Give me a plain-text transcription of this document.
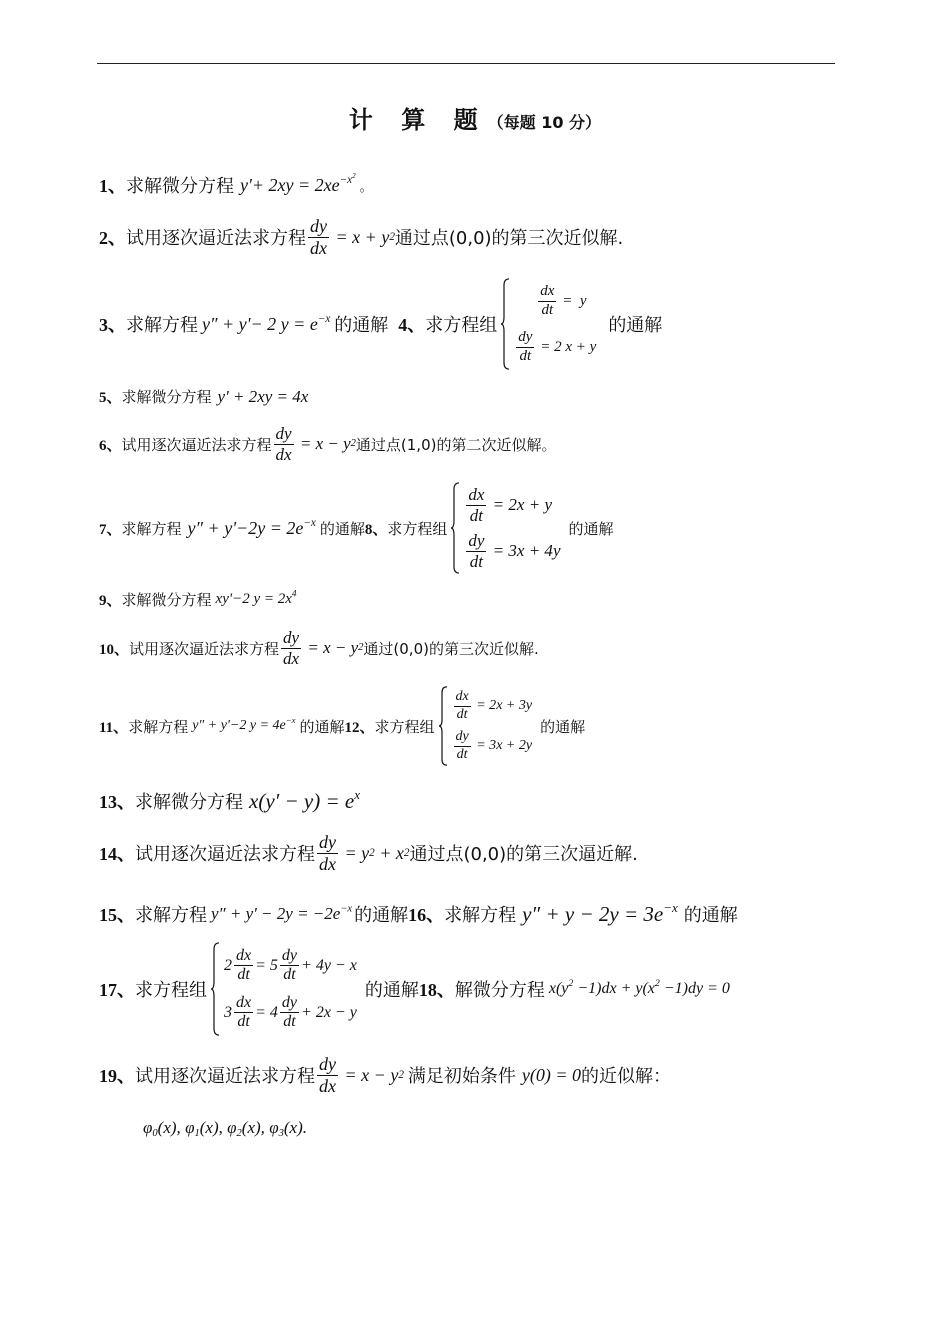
计 算 题（每题 10 分）
1、 求解微分方程 $y'+ 2xy = 2xe^{-x^2}$
。
2、 试用逐次逼近法求方程 $\frac{dy}{dx} = x + y$ 2 通过点(0,0)的第三次近似解.
3、 求解方程 y″ + y'− 2 $y = e^{-x}$ 的通解 4、 求方程组
$\frac{dx}{dt} = y$
$\frac{dy}{dt} = 2$ x + y
的通解
5、 求解微分方程 y' + 2xy = 4x
6、 试用逐次逼近法求方程 $\frac{dy}{dx} = x - y$ 2 通过点(1,0)的第二次近似解。
7、 求解方程 $y'' + y'-2y = 2e^{-x}$ 的通解 8、 求方程组
$\frac{dx}{dt} = 2$ x + y
$\frac{dy}{dt} = 3$ x + 4 y
的通解
9、 求解微分方程 xy'−2 $y = 2x^4$
10、 试用逐次逼近法求方程 $\frac{dy}{dx} = x - y$ 2 通过(0,0)的第三次近似解.
11、 求解方程 y″ + y'−2 $y = 4e^{-x}$ 的通解 12、 求方程组
$\frac{dx}{dt} = 2$ x + 3 y
$\frac{dy}{dt} = 3$ x + 2 y
的通解
13、 求解微分方程 $x(y' - y) = e^x$
14、 试用逐次逼近法求方程 $\frac{dy}{dx} = y$ 2 + x 2 通过点(0,0)的第三次逼近解.
15、 求解方程 $y'' + y' - 2y = -2e^{-x}$ 的通解 16、 求解方程 $y'' + y - 2y = 3e^{-x}$ 的通解
17、 求方程组
$2 \frac{dx}{dt} = 5 \frac{dy}{dt} + 4$ y − x
$3 \frac{dx}{dt} = 4 \frac{dy}{dt} + 2$ x − y
的通解 18、 解微分方程 $x(y^2 -1)dx + y(x^2 -1)dy = 0$
19、 试用逐次逼近法求方程 $\frac{dy}{dx} = x - y$ 2 满足初始条件 y(0) = 0 的近似解：
$\varphi_0(x)$, $\varphi_1(x)$, $\varphi_2(x)$, $\varphi_3(x)$.
